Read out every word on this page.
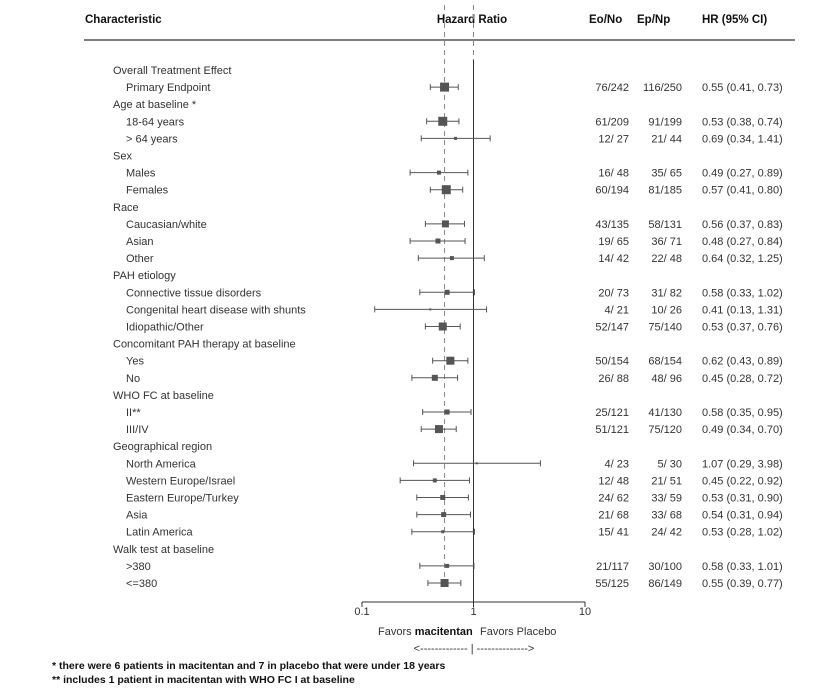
Characteristic	Hazard Ratio	Eo/No Ep/Np	HR (95% CI)
Overall Treatment Effect
Primary Endpoint	76/242 116/250 0.55 (0.41, 0.73)
Age at baseline *
18-64 years	61/209 91/199 0.53 (0.38, 0.74)
> 64 years	12/ 27 21/ 44 0.69 (0.34, 1.41)
Sex
Males	16/ 48 35/ 65 0.49 (0.27, 0.89)
Females	60/194 81/185 0.57 (0.41, 0.80)
Race
Caucasian/white	43/135 58/131 0.56 (0.37, 0.83)
Asian	19/ 65 36/ 71 0.48 (0.27, 0.84)
Other	14/ 42 22/ 48 0.64 (0.32, 1.25)
PAH etiology
Connective tissue disorders	20/ 73 31/ 82 0.58 (0.33, 1.02)
Congenital heart disease with shunts	4/ 21 10/ 26 0.41 (0.13, 1.31)
Idiopathic/Other	52/147 75/140 0.53 (0.37, 0.76)
Concomitant PAH therapy at baseline
Yes	50/154 68/154 0.62 (0.43, 0.89)
No	26/ 88 48/ 96 0.45 (0.28, 0.72)
WHO FC at baseline
II**	25/121 41/130 0.58 (0.35, 0.95)
III/IV	51/121 75/120 0.49 (0.34, 0.70)
Geographical region
North America	4/ 23	5/ 30 1.07 (0.29, 3.98)
Western Europe/Israel	12/ 48 21/ 51 0.45 (0.22, 0.92)
Eastern Europe/Turkey	24/ 62 33/ 59 0.53 (0.31, 0.90)
Asia	21/ 68 33/ 68 0.54 (0.31, 0.94)
Latin America	15/ 41 24/ 42 0.53 (0.28, 1.02)
Walk test at baseline
>380	21/117 30/100 0.58 (0.33, 1.01)
<=380	55/125 86/149 0.55 (0.39, 0.77)
0.1	1	10
Favors macitentan Favors Placebo
<------------- | -------------->
* there were 6 patients in macitentan and 7 in placebo that were under 18 years
** includes 1 patient in macitentan with WHO FC I at baseline
